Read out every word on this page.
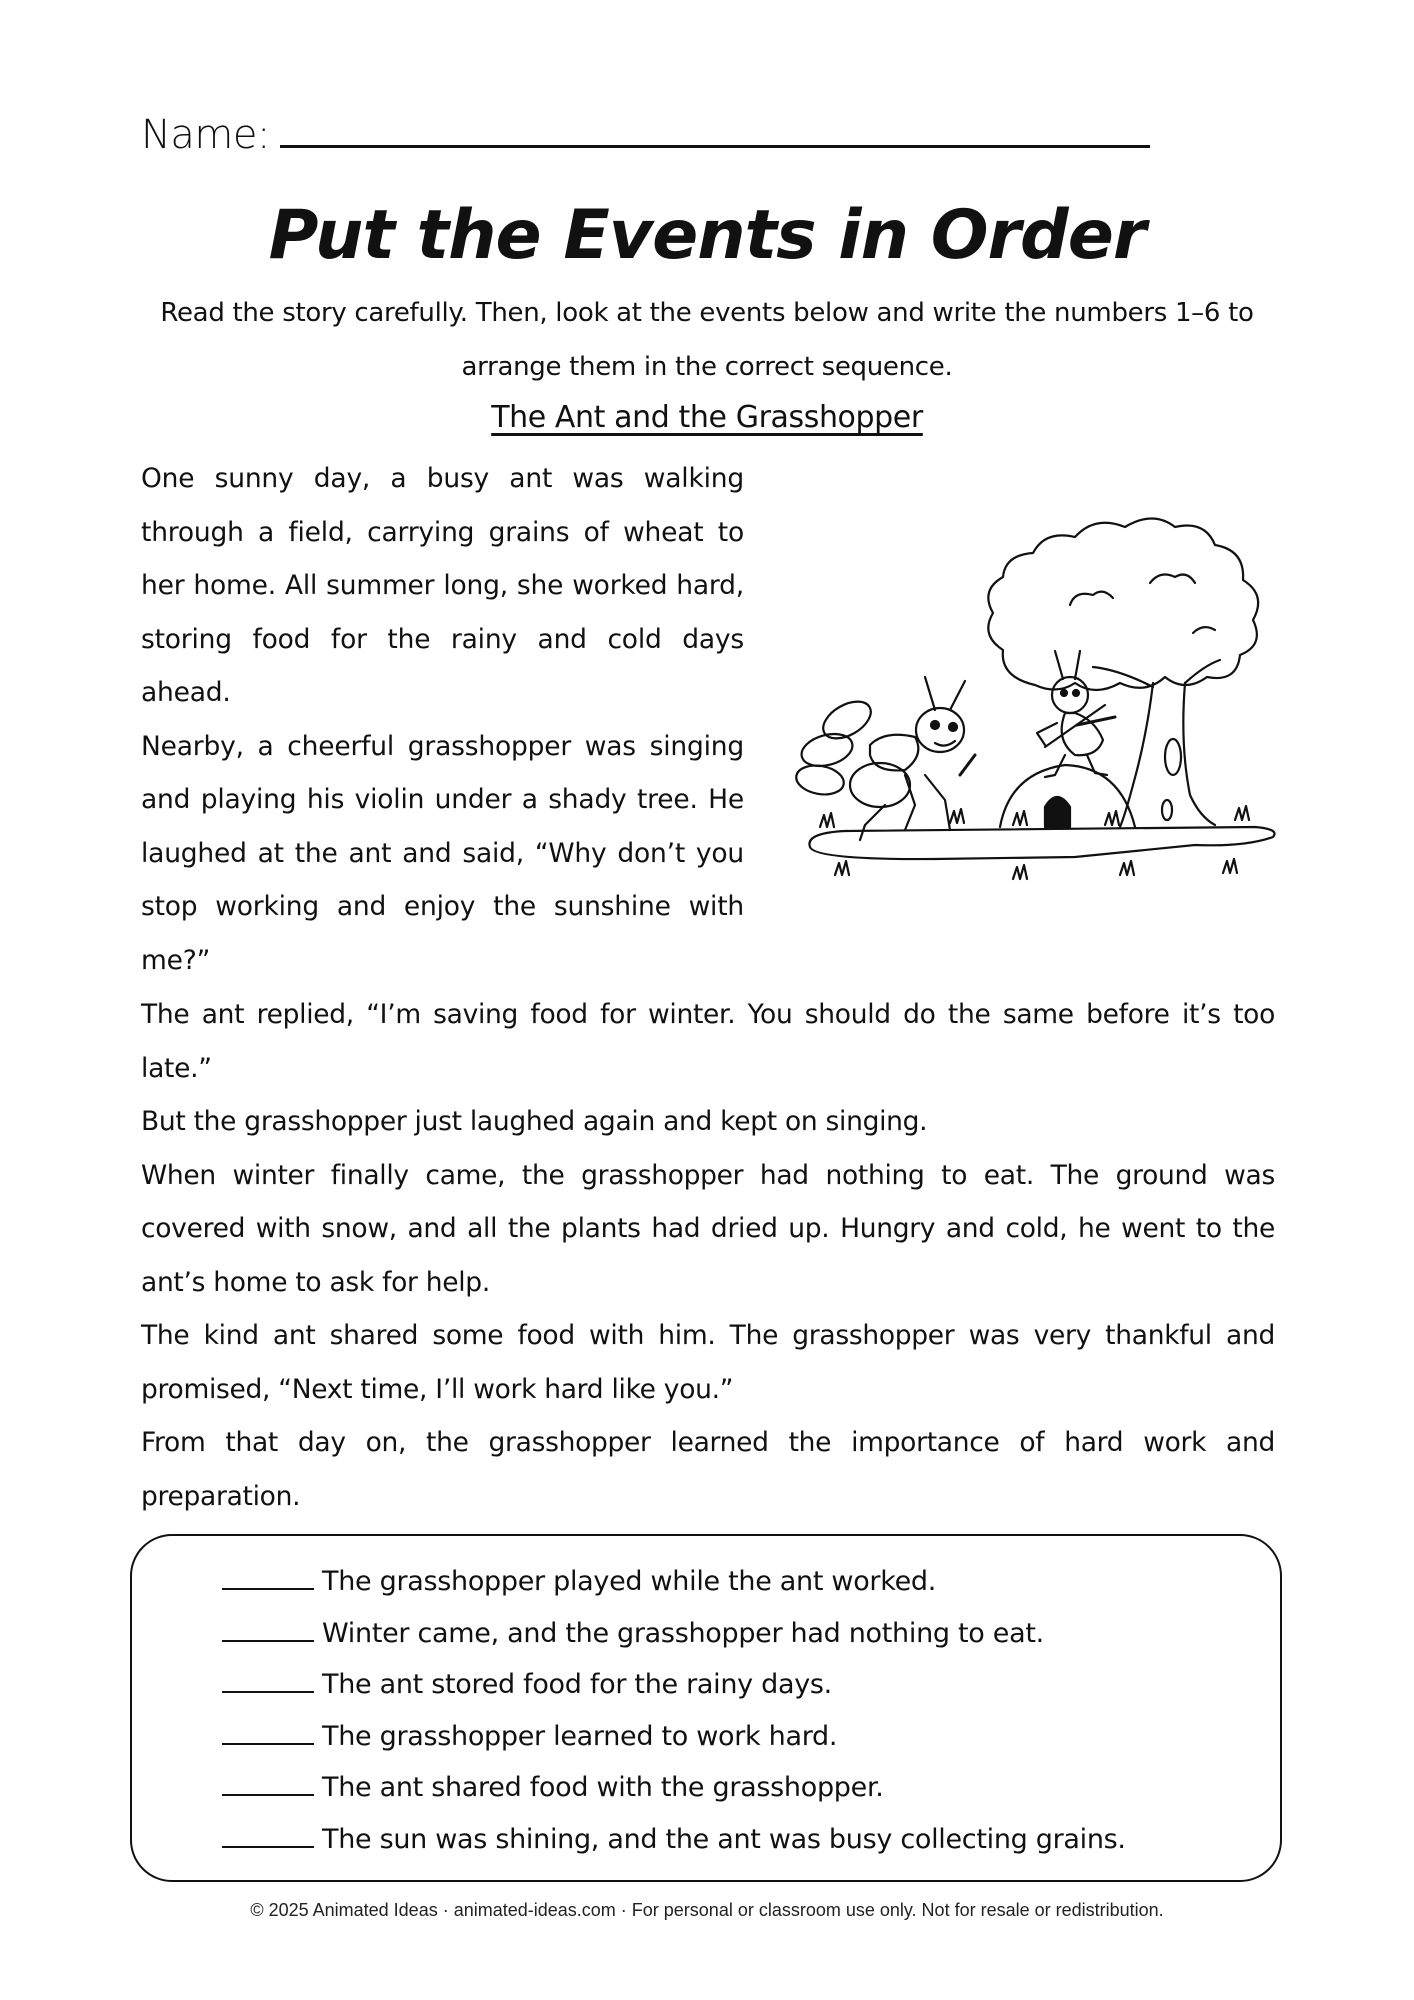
Name:
Put the Events in Order
Read the story carefully. Then, look at the events below and write the numbers 1–6 to arrange them in the correct sequence.
The Ant and the Grasshopper

One sunny day, a busy ant was walking through a field, carrying grains of wheat to her home. All summer long, she worked hard, storing food for the rainy and cold days ahead.

Nearby, a cheerful grasshopper was singing and playing his violin under a shady tree. He laughed at the ant and said, “Why don’t you stop working and enjoy the sunshine with me?”

The ant replied, “I’m saving food for winter. You should do the same before it’s too late.”

But the grasshopper just laughed again and kept on singing.

When winter finally came, the grasshopper had nothing to eat. The ground was covered with snow, and all the plants had dried up. Hungry and cold, he went to the ant’s home to ask for help.

The kind ant shared some food with him. The grasshopper was very thankful and promised, “Next time, I’ll work hard like you.”

From that day on, the grasshopper learned the importance of hard work and preparation.

The grasshopper played while the ant worked.
Winter came, and the grasshopper had nothing to eat.
The ant stored food for the rainy days.
The grasshopper learned to work hard.
The ant shared food with the grasshopper.
The sun was shining, and the ant was busy collecting grains.
© 2025 Animated Ideas · animated-ideas.com · For personal or classroom use only. Not for resale or redistribution.
